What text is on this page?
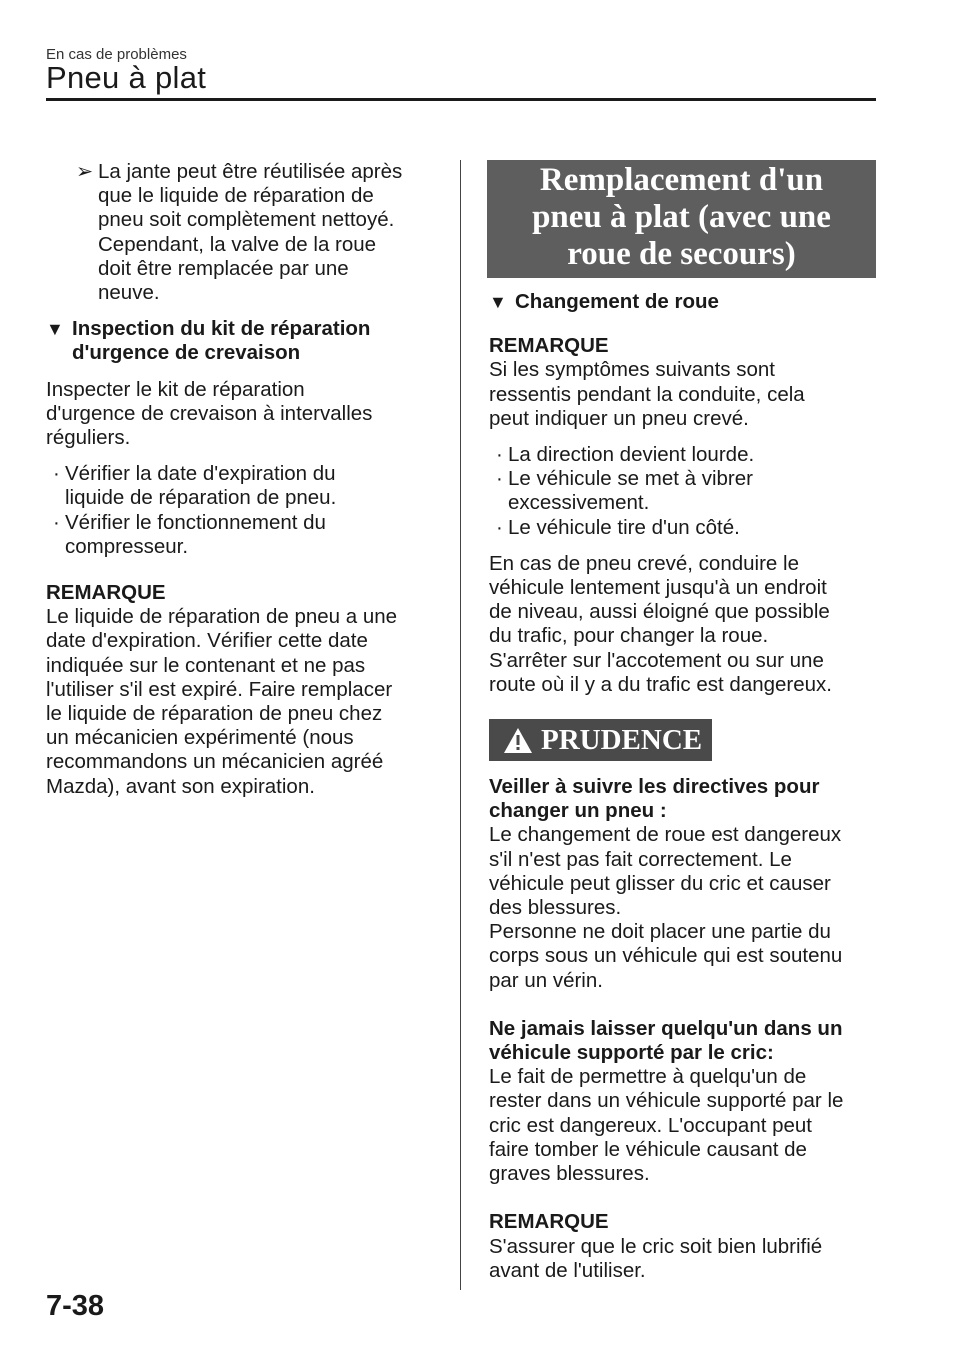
En cas de problèmes
Pneu à plat
➢ La jante peut être réutilisée après
que le liquide de réparation de
pneu soit complètement nettoyé.
Cependant, la valve de la roue
doit être remplacée par une
neuve.
▼ Inspection du kit de réparation
d'urgence de crevaison
Inspecter le kit de réparation
d'urgence de crevaison à intervalles
réguliers.
· Vérifier la date d'expiration du
liquide de réparation de pneu.
· Vérifier le fonctionnement du
compresseur.
REMARQUE
Le liquide de réparation de pneu a une
date d'expiration. Vérifier cette date
indiquée sur le contenant et ne pas
l'utiliser s'il est expiré. Faire remplacer
le liquide de réparation de pneu chez
un mécanicien expérimenté (nous
recommandons un mécanicien agréé
Mazda), avant son expiration.
Remplacement d'un
pneu à plat (avec une
roue de secours)
▼ Changement de roue
REMARQUE
Si les symptômes suivants sont
ressentis pendant la conduite, cela
peut indiquer un pneu crevé.
· La direction devient lourde.
· Le véhicule se met à vibrer
excessivement.
· Le véhicule tire d'un côté.
En cas de pneu crevé, conduire le
véhicule lentement jusqu'à un endroit
de niveau, aussi éloigné que possible
du trafic, pour changer la roue.
S'arrêter sur l'accotement ou sur une
route où il y a du trafic est dangereux.
PRUDENCE
Veiller à suivre les directives pour
changer un pneu :
Le changement de roue est dangereux
s'il n'est pas fait correctement. Le
véhicule peut glisser du cric et causer
des blessures.
Personne ne doit placer une partie du
corps sous un véhicule qui est soutenu
par un vérin.
Ne jamais laisser quelqu'un dans un
véhicule supporté par le cric:
Le fait de permettre à quelqu'un de
rester dans un véhicule supporté par le
cric est dangereux. L'occupant peut
faire tomber le véhicule causant de
graves blessures.
REMARQUE
S'assurer que le cric soit bien lubrifié
avant de l'utiliser.
7-38
